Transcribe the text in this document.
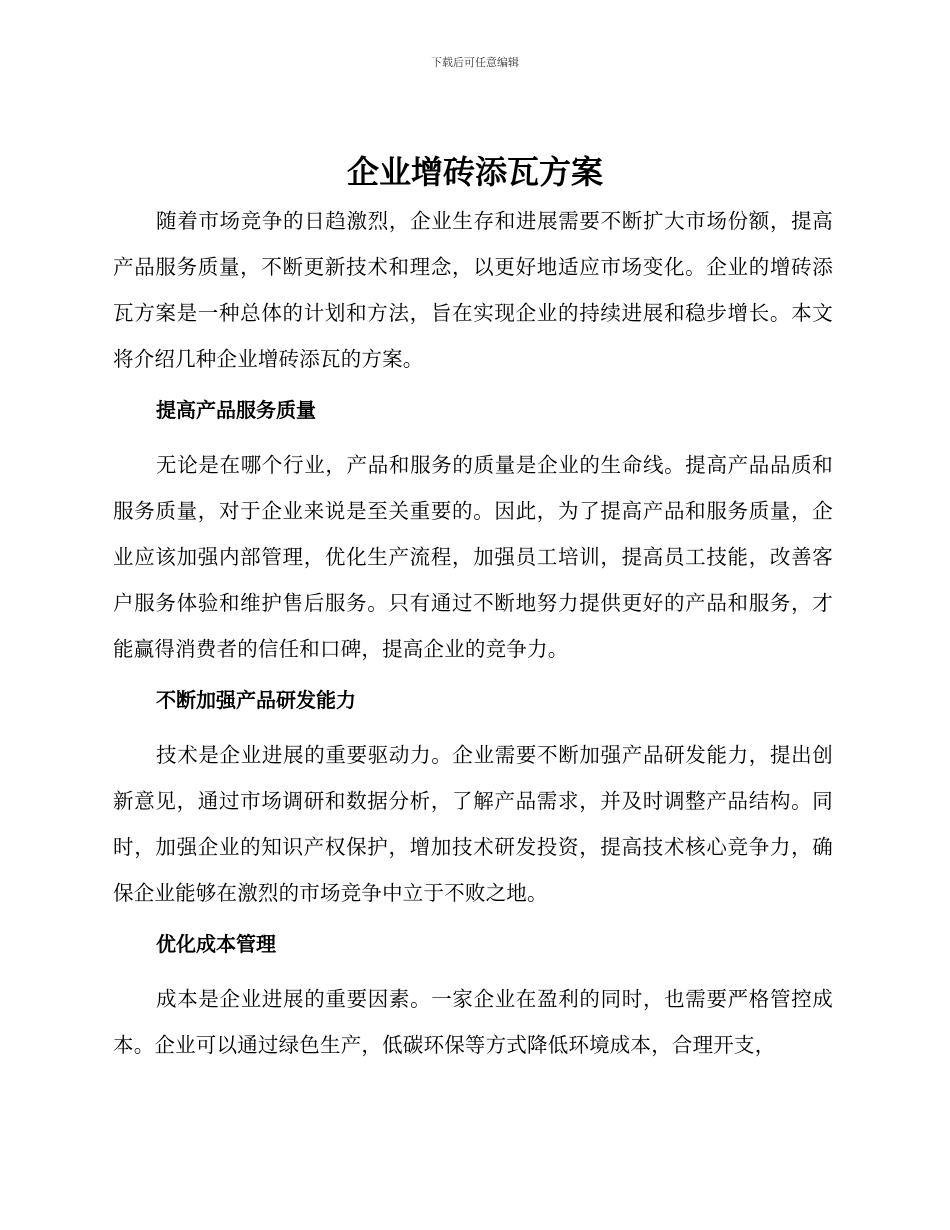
下载后可任意编辑
企业增砖添瓦方案

随着市场竞争的日趋激烈，企业生存和进展需要不断扩大市场份额，提高产品服务质量，不断更新技术和理念，以更好地适应市场变化。企业的增砖添瓦方案是一种总体的计划和方法，旨在实现企业的持续进展和稳步增长。本文将介绍几种企业增砖添瓦的方案。

提高产品服务质量

无论是在哪个行业，产品和服务的质量是企业的生命线。提高产品品质和服务质量，对于企业来说是至关重要的。因此，为了提高产品和服务质量，企业应该加强内部管理，优化生产流程，加强员工培训，提高员工技能，改善客户服务体验和维护售后服务。只有通过不断地努力提供更好的产品和服务，才能赢得消费者的信任和口碑，提高企业的竞争力。

不断加强产品研发能力

技术是企业进展的重要驱动力。企业需要不断加强产品研发能力，提出创新意见，通过市场调研和数据分析，了解产品需求，并及时调整产品结构。同时，加强企业的知识产权保护，增加技术研发投资，提高技术核心竞争力，确保企业能够在激烈的市场竞争中立于不败之地。

优化成本管理

成本是企业进展的重要因素。一家企业在盈利的同时，也需要严格管控成本。企业可以通过绿色生产，低碳环保等方式降低环境成本，合理开支，
